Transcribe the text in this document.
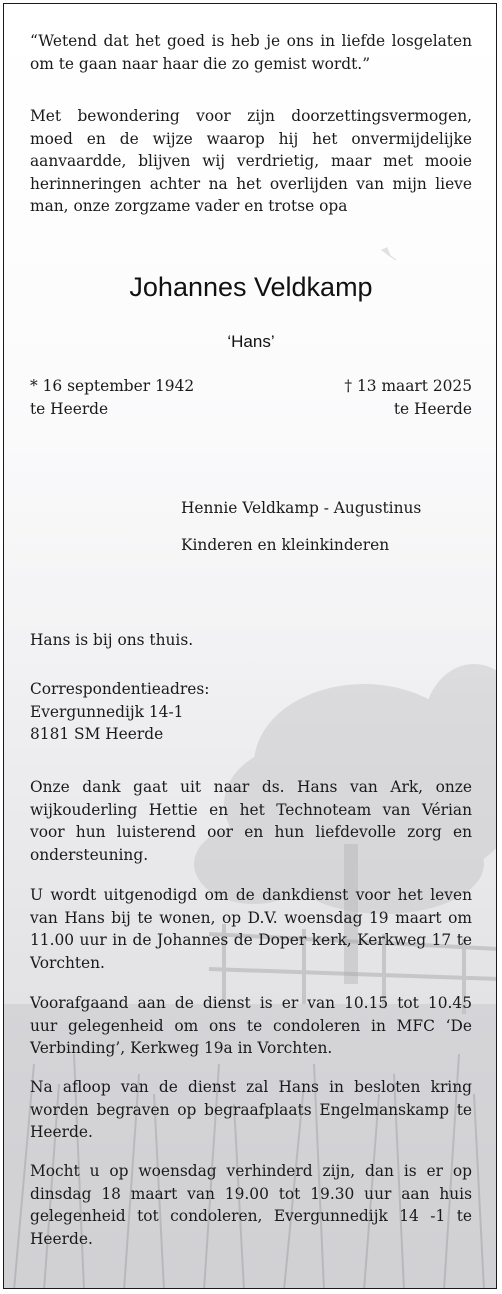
“Wetend dat het goed is heb je ons in liefde losgelaten
om te gaan naar haar die zo gemist wordt.”
Met bewondering voor zijn doorzettingsvermogen,
moed en de wijze waarop hij het onvermijdelijke
aanvaardde, blijven wij verdrietig, maar met mooie
herinneringen achter na het overlijden van mijn lieve
man, onze zorgzame vader en trotse opa
Johannes Veldkamp
‘Hans’
* 16 september 1942
te Heerde
† 13 maart 2025
te Heerde
Hennie Veldkamp - Augustinus
Kinderen en kleinkinderen
Hans is bij ons thuis.
Correspondentieadres:
Evergunnedijk 14-1
8181 SM Heerde
Onze dank gaat uit naar ds. Hans van Ark, onze
wijkouderling Hettie en het Technoteam van Vérian
voor hun luisterend oor en hun liefdevolle zorg en
ondersteuning.
U wordt uitgenodigd om de dankdienst voor het leven
van Hans bij te wonen, op D.V. woensdag 19 maart om
11.00 uur in de Johannes de Doper kerk, Kerkweg 17 te
Vorchten.
Voorafgaand aan de dienst is er van 10.15 tot 10.45
uur gelegenheid om ons te condoleren in MFC ‘De
Verbinding’, Kerkweg 19a in Vorchten.
Na afloop van de dienst zal Hans in besloten kring
worden begraven op begraafplaats Engelmanskamp te
Heerde.
Mocht u op woensdag verhinderd zijn, dan is er op
dinsdag 18 maart van 19.00 tot 19.30 uur aan huis
gelegenheid tot condoleren, Evergunnedijk 14 -1 te
Heerde.
